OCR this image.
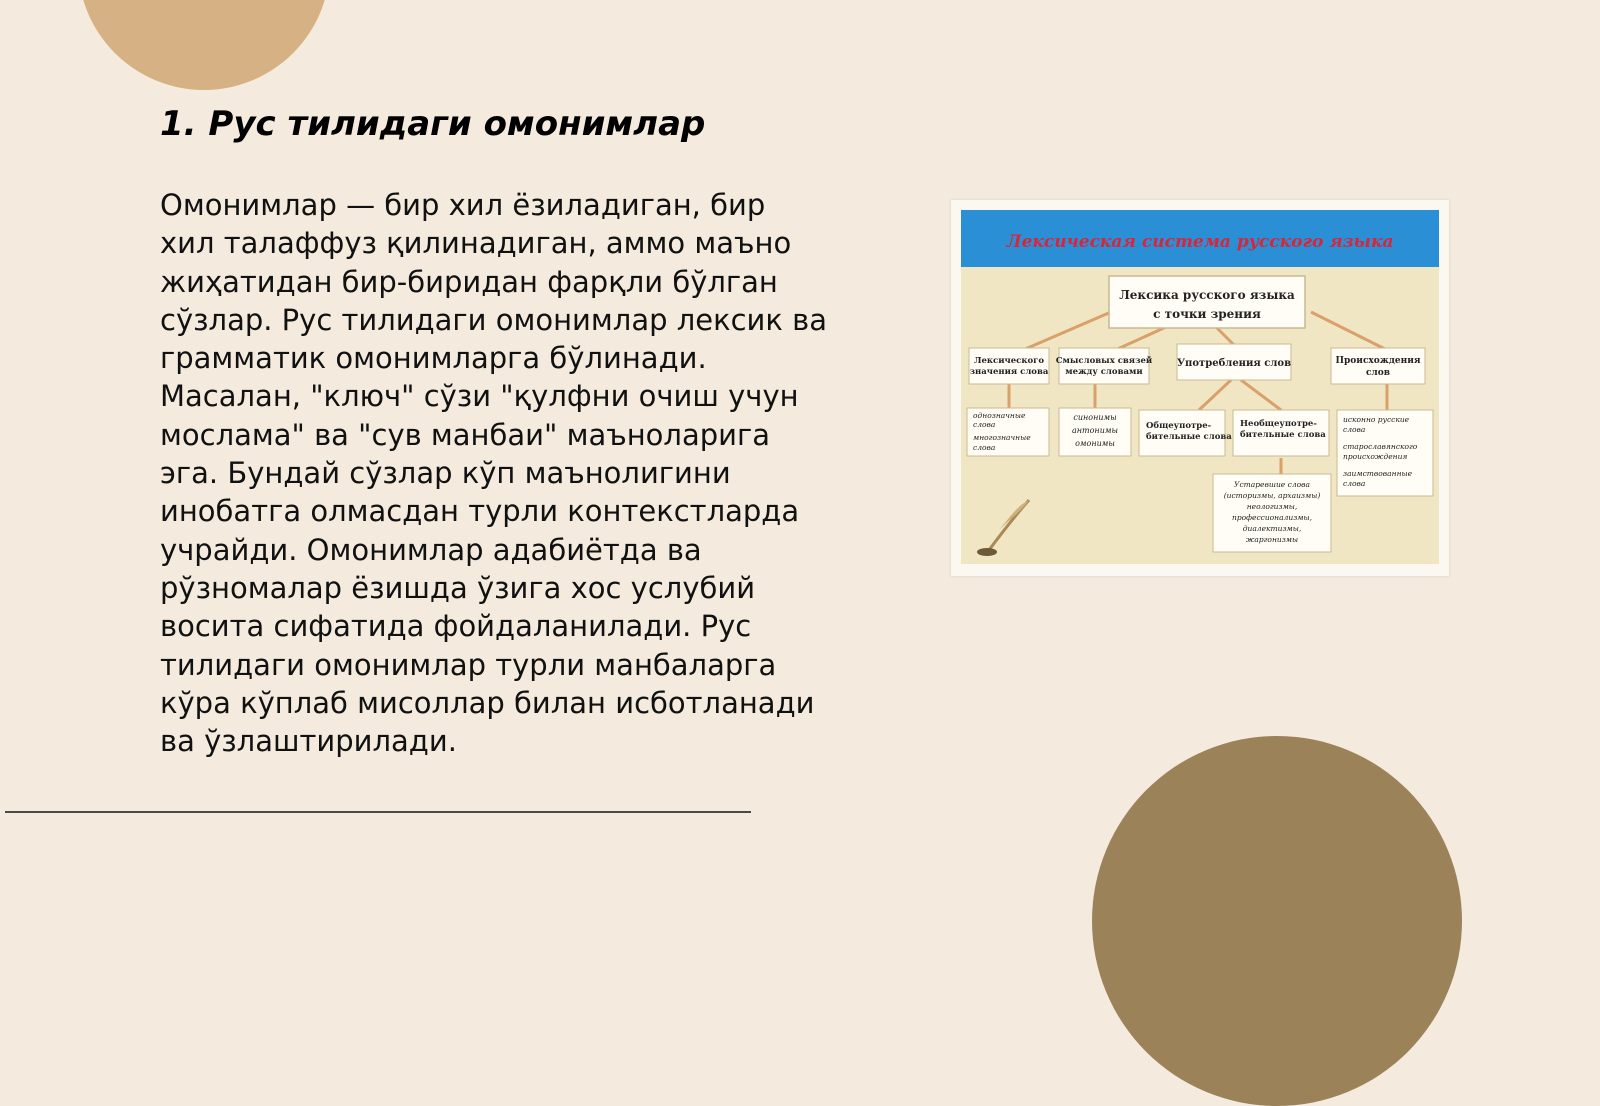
1. Рус тилидаги омонимлар
Омонимлар — бир хил ёзиладиган, бир
хил талаффуз қилинадиган, аммо маъно
жиҳатидан бир-биридан фарқли бўлган
сўзлар. Рус тилидаги омонимлар лексик ва
грамматик омонимларга бўлинади.
Масалан, "ключ" сўзи "қулфни очиш учун
мослама" ва "сув манбаи" маъноларига
эга. Бундай сўзлар кўп маънолигини
инобатга олмасдан турли контекстларда
учрайди. Омонимлар адабиётда ва
рўзномалар ёзишда ўзига хос услубий
восита сифатида фойдаланилади. Рус
тилидаги омонимлар турли манбаларга
кўра кўплаб мисоллар билан исботланади
ва ўзлаштирилади.
Лексическая система русского языка
Лексика русского языка
с точки зрения
Лексического
значения слова
Смысловых связей
между словами
Употребления слов	Происхождения
слов
однозначные
слова
многозначные
слова
синонимы
антонимы
омонимы
Общеупотре-
бительные слова
Необщеупотре-
бительные слова
исконно русские
слова
старославянского
происхождения
заимствованные
слова
Устаревшие слова
(историзмы, архаизмы)
неологизмы,
профессионализмы,
диалектизмы,
жаргонизмы
